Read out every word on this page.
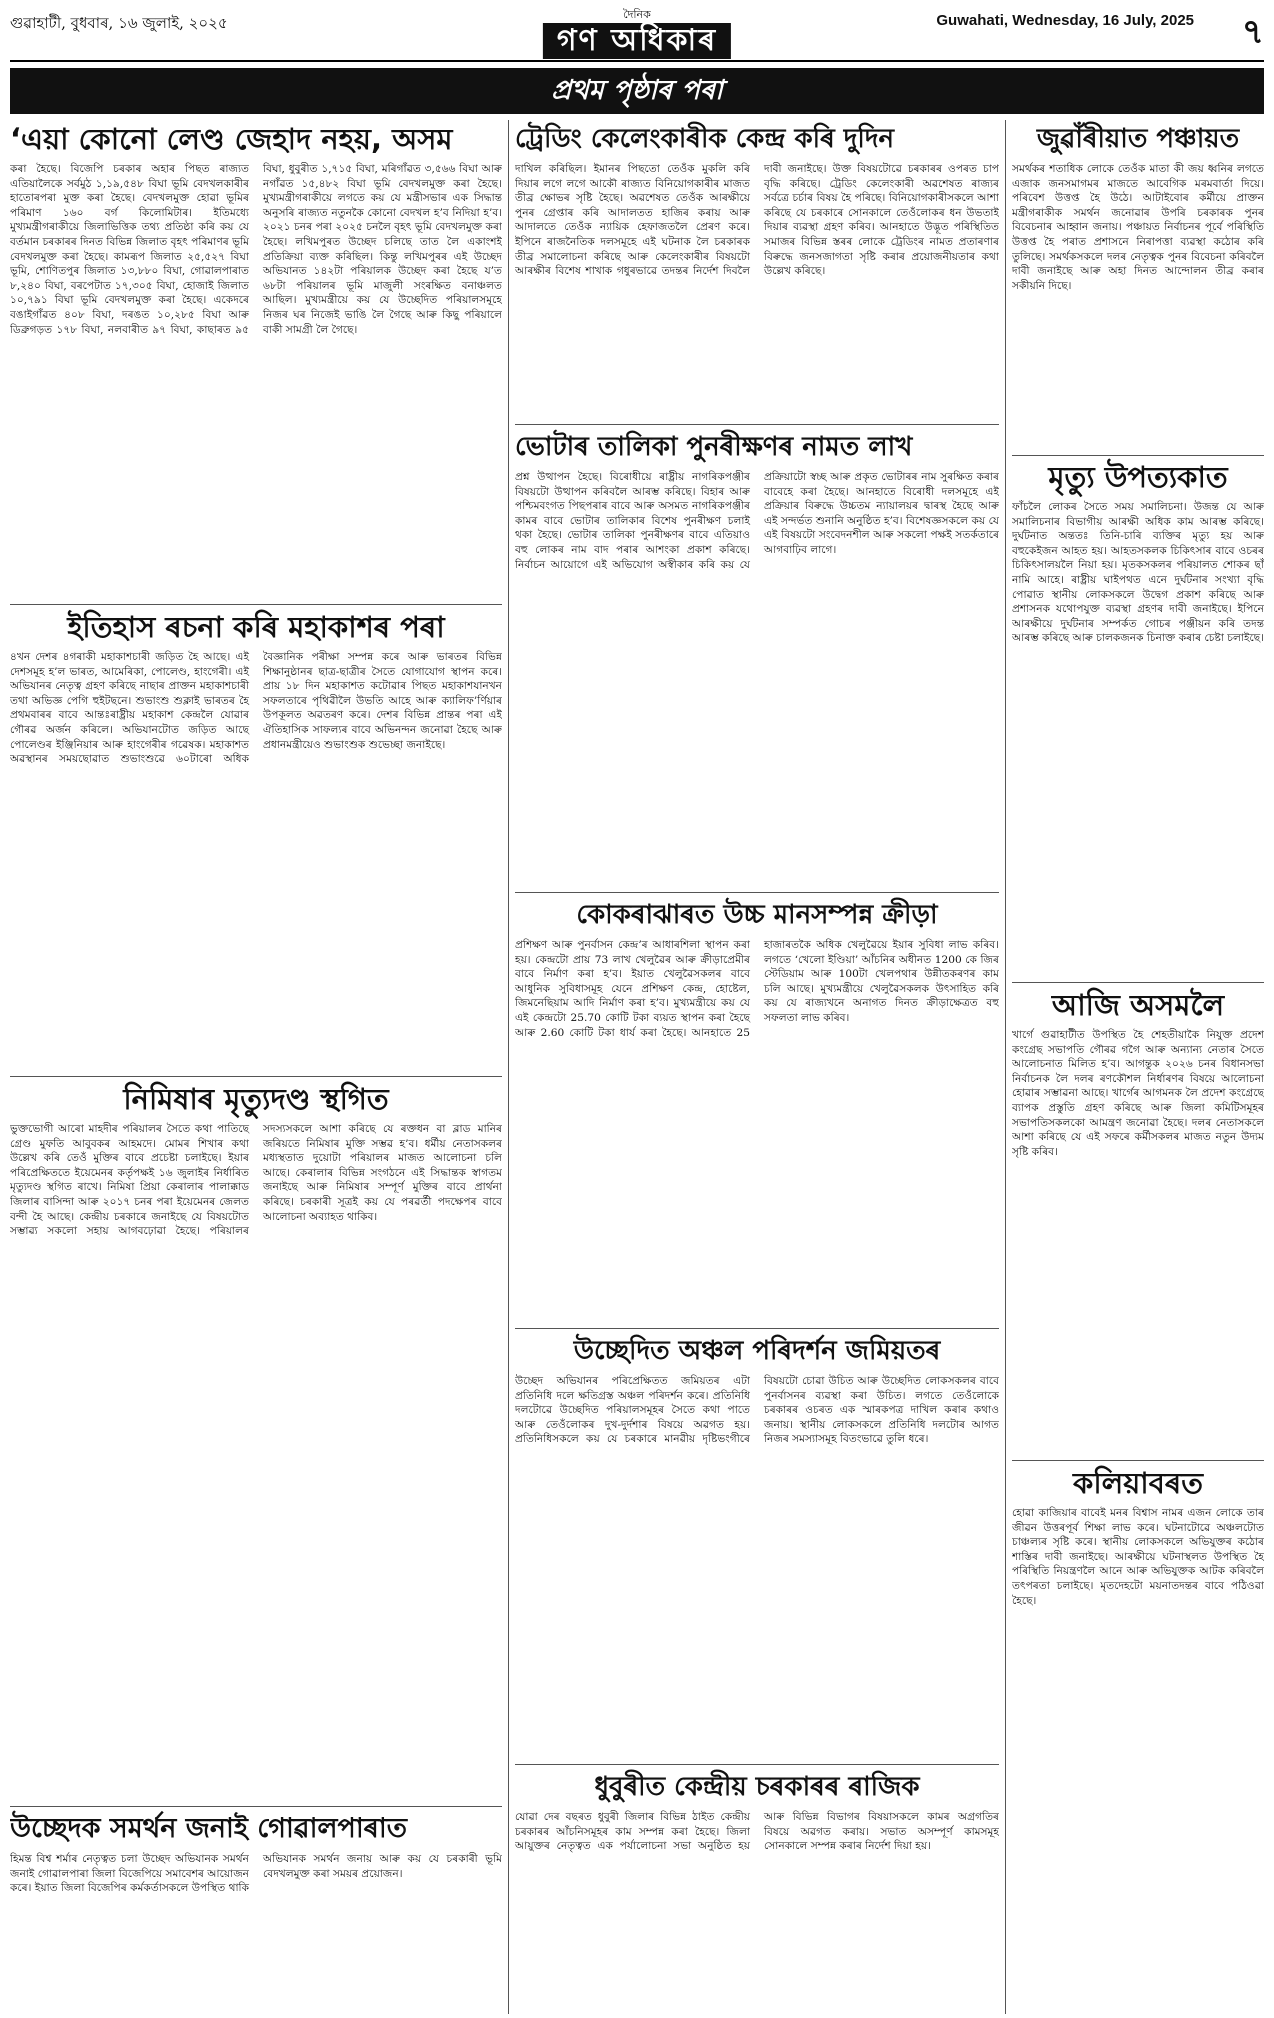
গুৱাহাটী, বুধবাৰ, ১৬ জুলাই, ২০২৫	দৈনিক
গণ অধিকাৰ
Guwahati, Wednesday, 16 July, 2025 ৭
প্ৰথম পৃষ্ঠাৰ পৰা
‘এয়া কোনো লেণ্ড জেহাদ নহয়, অসম
কৰা হৈছে। বিজেপি চৰকাৰ অহাৰ পিছত ৰাজ্যত এতিয়ালৈকে সৰ্বমুঠ ১,১৯,৫৪৮ বিঘা ভূমি বেদখলকাৰীৰ হাতোৰপৰা মুক্ত কৰা হৈছে। বেদখলমুক্ত হোৱা ভূমিৰ পৰিমাণ ১৬০ বৰ্গ কিলোমিটাৰ। ইতিমধ্যে মুখ্যমন্ত্ৰীগৰাকীয়ে জিলাভিত্তিক তথ্য প্ৰতিষ্ঠা কৰি কয় যে বৰ্তমান চৰকাৰৰ দিনত বিভিন্ন জিলাত বৃহৎ পৰিমাণৰ ভূমি বেদখলমুক্ত কৰা হৈছে। কামৰূপ জিলাত ২৫,৫২৭ বিঘা ভূমি, শোণিতপুৰ জিলাত ১৩,৮৮০ বিঘা, গোৱালপাৰাত ৮,২৪০ বিঘা, বৰপেটাত ১৭,৩০৫ বিঘা, হোজাই জিলাত ১০,৭৯১ বিঘা ভূমি বেদখলমুক্ত কৰা হৈছে। একেদৰে বঙাইগাঁৱত ৪০৮ বিঘা, দৰঙত ১০,২৮৫ বিঘা আৰু ডিব্ৰুগড়ত ১৭৮ বিঘা, নলবাৰীত ৯৭ বিঘা, কাছাৰত ৯৫ বিঘা, ধুবুৰীত ১,৭১৫ বিঘা, মৰিগাঁৱত ৩,৫৬৬ বিঘা আৰু নগাঁৱত ১৫,৪৮২ বিঘা ভূমি বেদখলমুক্ত কৰা হৈছে। মুখ্যমন্ত্ৰীগৰাকীয়ে লগতে কয় যে মন্ত্ৰীসভাৰ এক সিদ্ধান্ত অনুসৰি ৰাজ্যত নতুনকৈ কোনো বেদখল হ’ব নিদিয়া হ’ব। ২০২১ চনৰ পৰা ২০২৫ চনলৈ বৃহৎ ভূমি বেদখলমুক্ত কৰা হৈছে। লখিমপুৰত উচ্ছেদ চলিছে তাত লৈ একাংশই প্ৰতিক্ৰিয়া ব্যক্ত কৰিছিল। কিন্তু লখিমপুৰৰ এই উচ্ছেদ অভিযানত ১৪২টা পৰিয়ালক উচ্ছেদ কৰা হৈছে য’ত ৬৮টা পৰিয়ালৰ ভূমি মাজুলী সংৰক্ষিত বনাঞ্চলত আছিল। মুখ্যমন্ত্ৰীয়ে কয় যে উচ্ছেদিত পৰিয়ালসমূহে নিজৰ ঘৰ নিজেই ভাঙি লৈ গৈছে আৰু কিছু পৰিয়ালে বাকী সামগ্ৰী লৈ গৈছে।
ট্ৰেডিং কেলেংকাৰীক কেন্দ্ৰ কৰি দুদিন
দাখিল কৰিছিল। ইমানৰ পিছতো তেওঁক মুকলি কৰি দিয়াৰ লগে লগে আকৌ ৰাজ্যত বিনিয়োগকাৰীৰ মাজত তীব্ৰ ক্ষোভৰ সৃষ্টি হৈছে। অৱশেষত তেওঁক আৰক্ষীয়ে পুনৰ গ্ৰেপ্তাৰ কৰি আদালতত হাজিৰ কৰায় আৰু আদালতে তেওঁক ন্যায়িক হেফাজতলৈ প্ৰেৰণ কৰে। ইপিনে ৰাজনৈতিক দলসমূহে এই ঘটনাক লৈ চৰকাৰক তীব্ৰ সমালোচনা কৰিছে আৰু কেলেংকাৰীৰ বিষয়টো আৰক্ষীৰ বিশেষ শাখাক গধুৰভাৱে তদন্তৰ নিৰ্দেশ দিবলৈ দাবী জনাইছে। উক্ত বিষয়টোৱে চৰকাৰৰ ওপৰত চাপ বৃদ্ধি কৰিছে। ট্ৰেডিং কেলেংকাৰী অৱশেষত ৰাজ্যৰ সৰ্বত্ৰে চৰ্চাৰ বিষয় হৈ পৰিছে। বিনিয়োগকাৰীসকলে আশা কৰিছে যে চৰকাৰে সোনকালে তেওঁলোকৰ ধন উভতাই দিয়াৰ ব্যৱস্থা গ্ৰহণ কৰিব। আনহাতে উদ্ভূত পৰিস্থিতিত সমাজৰ বিভিন্ন স্তৰৰ লোকে ট্ৰেডিংৰ নামত প্ৰতাৰণাৰ বিৰুদ্ধে জনসজাগতা সৃষ্টি কৰাৰ প্ৰয়োজনীয়তাৰ কথা উল্লেখ কৰিছে।
জুৱাঁৰীয়াত পঞ্চায়ত
সমৰ্থকৰ শতাধিক লোকে তেওঁক মাতা কী জয় ধ্বনিৰ লগতে এজাক জনসমাগমৰ মাজতে আবেগিক মৰমবাৰ্তা দিয়ে। পৰিবেশ উত্তপ্ত হৈ উঠে। আটাইবোৰ কৰ্মীয়ে প্ৰাক্তন মন্ত্ৰীগৰাকীক সমৰ্থন জনোৱাৰ উপৰি চৰকাৰক পুনৰ বিবেচনাৰ আহ্বান জনায়। পঞ্চায়ত নিৰ্বাচনৰ পূৰ্বে পৰিস্থিতি উত্তপ্ত হৈ পৰাত প্ৰশাসনে নিৰাপত্তা ব্যৱস্থা কঠোৰ কৰি তুলিছে। সমৰ্থকসকলে দলৰ নেতৃত্বক পুনৰ বিবেচনা কৰিবলৈ দাবী জনাইছে আৰু অহা দিনত আন্দোলন তীব্ৰ কৰাৰ সকীয়নি দিছে।
ভোটাৰ তালিকা পুনৰীক্ষণৰ নামত লাখ
প্ৰশ্ন উত্থাপন হৈছে। বিৰোধীয়ে ৰাষ্ট্ৰীয় নাগৰিকপঞ্জীৰ বিষয়টো উত্থাপন কৰিবলৈ আৰম্ভ কৰিছে। বিহাৰ আৰু পশ্চিমবংগত পিছপৰাৰ বাবে আৰু অসমত নাগৰিকপঞ্জীৰ কামৰ বাবে ভোটাৰ তালিকাৰ বিশেষ পুনৰীক্ষণ চলাই থকা হৈছে। ভোটাৰ তালিকা পুনৰীক্ষণৰ বাবে এতিয়াও বহু লোকৰ নাম বাদ পৰাৰ আশংকা প্ৰকাশ কৰিছে। নিৰ্বাচন আয়োগে এই অভিযোগ অস্বীকাৰ কৰি কয় যে প্ৰক্ৰিয়াটো স্বচ্ছ আৰু প্ৰকৃত ভোটাৰৰ নাম সুৰক্ষিত কৰাৰ বাবেহে কৰা হৈছে। আনহাতে বিৰোধী দলসমূহে এই প্ৰক্ৰিয়াৰ বিৰুদ্ধে উচ্চতম ন্যায়ালয়ৰ দ্বাৰস্থ হৈছে আৰু এই সন্দৰ্ভত শুনানি অনুষ্ঠিত হ’ব। বিশেষজ্ঞসকলে কয় যে এই বিষয়টো সংবেদনশীল আৰু সকলো পক্ষই সতৰ্কতাৰে আগবাঢ়িব লাগে।
মৃত্যু উপত্যকাত
ফাঁচলৈ লোকৰ সৈতে সময় সমালিচনা। উজন্ত যে আৰু সমালিচনাৰ বিভাগীয় আৰক্ষী অধিক কাম আৰম্ভ কৰিছে। দুৰ্ঘটনাত অন্ততঃ তিনি-চাৰি ব্যক্তিৰ মৃত্যু হয় আৰু বহুকেইজন আহত হয়। আহতসকলক চিকিৎসাৰ বাবে ওচৰৰ চিকিৎসালয়লৈ নিয়া হয়। মৃতকসকলৰ পৰিয়ালত শোকৰ ছাঁ নামি আহে। ৰাষ্ট্ৰীয় ঘাইপথত এনে দুৰ্ঘটনাৰ সংখ্যা বৃদ্ধি পোৱাত স্থানীয় লোকসকলে উদ্বেগ প্ৰকাশ কৰিছে আৰু প্ৰশাসনক যথোপযুক্ত ব্যৱস্থা গ্ৰহণৰ দাবী জনাইছে। ইপিনে আৰক্ষীয়ে দুৰ্ঘটনাৰ সম্পৰ্কত গোচৰ পঞ্জীয়ন কৰি তদন্ত আৰম্ভ কৰিছে আৰু চালকজনক চিনাক্ত কৰাৰ চেষ্টা চলাইছে।
ইতিহাস ৰচনা কৰি মহাকাশৰ পৰা
৪খন দেশৰ ৪গৰাকী মহাকাশচাৰী জড়িত হৈ আছে। এই দেশসমূহ হ’ল ভাৰত, আমেৰিকা, পোলেণ্ড, হাংগেৰী। এই অভিযানৰ নেতৃত্ব গ্ৰহণ কৰিছে নাছাৰ প্ৰাক্তন মহাকাশচাৰী তথা অভিজ্ঞ পেগি হুইটছনে। শুভাংশু শুক্লাই ভাৰতৰ হৈ প্ৰথমবাৰৰ বাবে আন্তঃৰাষ্ট্ৰীয় মহাকাশ কেন্দ্ৰলৈ যোৱাৰ গৌৰৱ অৰ্জন কৰিলে। অভিযানটোত জড়িত আছে পোলেণ্ডৰ ইঞ্জিনিয়াৰ আৰু হাংগেৰীৰ গৱেষক। মহাকাশত অৱস্থানৰ সময়ছোৱাত শুভাংশুৱে ৬০টাৰো অধিক বৈজ্ঞানিক পৰীক্ষা সম্পন্ন কৰে আৰু ভাৰতৰ বিভিন্ন শিক্ষানুষ্ঠানৰ ছাত্ৰ-ছাত্ৰীৰ সৈতে যোগাযোগ স্থাপন কৰে। প্ৰায় ১৮ দিন মহাকাশত কটোৱাৰ পিছত মহাকাশযানখন সফলতাৰে পৃথিৱীলৈ উভতি আহে আৰু ক্যালিফ’ৰ্ণিয়াৰ উপকূলত অৱতৰণ কৰে। দেশৰ বিভিন্ন প্ৰান্তৰ পৰা এই ঐতিহাসিক সাফল্যৰ বাবে অভিনন্দন জনোৱা হৈছে আৰু প্ৰধানমন্ত্ৰীয়েও শুভাংশুক শুভেচ্ছা জনাইছে।
কোকৰাঝাৰত উচ্চ মানসম্পন্ন ক্ৰীড়া
প্ৰশিক্ষণ আৰু পুনৰ্বাসন কেন্দ্ৰ’ৰ আধাৰশিলা স্থাপন কৰা হয়। কেন্দ্ৰটো প্ৰায় 73 লাখ খেলুৱৈৰ আৰু ক্ৰীড়াপ্ৰেমীৰ বাবে নিৰ্মাণ কৰা হ’ব। ইয়াত খেলুৱৈসকলৰ বাবে আধুনিক সুবিধাসমূহ যেনে প্ৰশিক্ষণ কেন্দ্ৰ, হোষ্টেল, জিমনেছিয়াম আদি নিৰ্মাণ কৰা হ’ব। মুখ্যমন্ত্ৰীয়ে কয় যে এই কেন্দ্ৰটো 25.70 কোটি টকা ব্যয়ত স্থাপন কৰা হৈছে আৰু 2.60 কোটি টকা ধাৰ্য কৰা হৈছে। আনহাতে 25 হাজাৰতকৈ অধিক খেলুৱৈয়ে ইয়াৰ সুবিধা লাভ কৰিব। লগতে ‘খেলো ইণ্ডিয়া’ আঁচনিৰ অধীনত 1200 কে জিৰ স্টেডিয়াম আৰু 100টা খেলপথাৰ উন্নীতকৰণৰ কাম চলি আছে। মুখ্যমন্ত্ৰীয়ে খেলুৱৈসকলক উৎসাহিত কৰি কয় যে ৰাজ্যখনে অনাগত দিনত ক্ৰীড়াক্ষেত্ৰত বহু সফলতা লাভ কৰিব।	আজি অসমলৈ
খাৰ্গে গুৱাহাটীত উপস্থিত হৈ শেহতীয়াকৈ নিযুক্ত প্ৰদেশ কংগ্ৰেছ সভাপতি গৌৰৱ গগৈ আৰু অন্যান্য নেতাৰ সৈতে আলোচনাত মিলিত হ’ব। আগন্তুক ২০২৬ চনৰ বিধানসভা নিৰ্বাচনক লৈ দলৰ ৰণকৌশল নিৰ্ধাৰণৰ বিষয়ে আলোচনা হোৱাৰ সম্ভাৱনা আছে। খাৰ্গেৰ আগমনক লৈ প্ৰদেশ কংগ্ৰেছে ব্যাপক প্ৰস্তুতি গ্ৰহণ কৰিছে আৰু জিলা কমিটিসমূহৰ সভাপতিসকলকো আমন্ত্ৰণ জনোৱা হৈছে। দলৰ নেতাসকলে আশা কৰিছে যে এই সফৰে কৰ্মীসকলৰ মাজত নতুন উদ্যম সৃষ্টি কৰিব।
নিমিষাৰ মৃত্যুদণ্ড স্থগিত
ভুক্তভোগী আৰো মাহদীৰ পৰিয়ালৰ সৈতে কথা পাতিছে গ্ৰেণ্ড মুফতি আবুবকৰ আহমদে। মোমৰ শিখাৰ কথা উল্লেখ কৰি তেওঁ মুক্তিৰ বাবে প্ৰচেষ্টা চলাইছে। ইয়াৰ পৰিপ্ৰেক্ষিততে ইয়েমেনৰ কৰ্তৃপক্ষই ১৬ জুলাইৰ নিৰ্ধাৰিত মৃত্যুদণ্ড স্থগিত ৰাখে। নিমিষা প্ৰিয়া কেৰালাৰ পালাক্কাড জিলাৰ বাসিন্দা আৰু ২০১৭ চনৰ পৰা ইয়েমেনৰ জেলত বন্দী হৈ আছে। কেন্দ্ৰীয় চৰকাৰে জনাইছে যে বিষয়টোত সম্ভাৱ্য সকলো সহায় আগবঢ়োৱা হৈছে। পৰিয়ালৰ সদস্যসকলে আশা কৰিছে যে ৰক্তধন বা ব্লাড মানিৰ জৰিয়তে নিমিষাৰ মুক্তি সম্ভৱ হ’ব। ধৰ্মীয় নেতাসকলৰ মধ্যস্থতাত দুয়োটা পৰিয়ালৰ মাজত আলোচনা চলি আছে। কেৰালাৰ বিভিন্ন সংগঠনে এই সিদ্ধান্তক স্বাগতম জনাইছে আৰু নিমিষাৰ সম্পূৰ্ণ মুক্তিৰ বাবে প্ৰাৰ্থনা কৰিছে। চৰকাৰী সূত্ৰই কয় যে পৰৱৰ্তী পদক্ষেপৰ বাবে আলোচনা অব্যাহত থাকিব।
উচ্ছেদিত অঞ্চল পৰিদৰ্শন জমিয়তৰ
উচ্ছেদ অভিযানৰ পৰিপ্ৰেক্ষিতত জমিয়তৰ এটা প্ৰতিনিধি দলে ক্ষতিগ্ৰস্ত অঞ্চল পৰিদৰ্শন কৰে। প্ৰতিনিধি দলটোৱে উচ্ছেদিত পৰিয়ালসমূহৰ সৈতে কথা পাতে আৰু তেওঁলোকৰ দুখ-দুৰ্দশাৰ বিষয়ে অৱগত হয়। প্ৰতিনিধিসকলে কয় যে চৰকাৰে মানৱীয় দৃষ্টিভংগীৰে বিষয়টো চোৱা উচিত আৰু উচ্ছেদিত লোকসকলৰ বাবে পুনৰ্বাসনৰ ব্যৱস্থা কৰা উচিত। লগতে তেওঁলোকে চৰকাৰৰ ওচৰত এক স্মাৰকপত্ৰ দাখিল কৰাৰ কথাও জনায়। স্থানীয় লোকসকলে প্ৰতিনিধি দলটোৰ আগত নিজৰ সমস্যাসমূহ বিতংভাৱে তুলি ধৰে।
কলিয়াবৰত
হোৱা কাজিয়াৰ বাবেই মনৰ বিশ্বাস নামৰ এজন লোকে তাৰ জীৱন উত্তৰপূৰ্ব শিক্ষা লাভ কৰে। ঘটনাটোৱে অঞ্চলটোত চাঞ্চল্যৰ সৃষ্টি কৰে। স্থানীয় লোকসকলে অভিযুক্তৰ কঠোৰ শাস্তিৰ দাবী জনাইছে। আৰক্ষীয়ে ঘটনাস্থলত উপস্থিত হৈ পৰিস্থিতি নিয়ন্ত্ৰণলৈ আনে আৰু অভিযুক্তক আটক কৰিবলৈ তৎপৰতা চলাইছে। মৃতদেহটো ময়নাতদন্তৰ বাবে পঠিওৱা হৈছে।
উচ্ছেদক সমৰ্থন জনাই গোৱালপাৰাত
হিমন্ত বিশ্ব শৰ্মাৰ নেতৃত্বত চলা উচ্ছেদ অভিযানক সমৰ্থন জনাই গোৱালপাৰা জিলা বিজেপিয়ে সমাবেশৰ আয়োজন কৰে। ইয়াত জিলা বিজেপিৰ কৰ্মকৰ্তাসকলে উপস্থিত থাকি অভিযানক সমৰ্থন জনায় আৰু কয় যে চৰকাৰী ভূমি বেদখলমুক্ত কৰা সময়ৰ প্ৰয়োজন।
ধুবুৰীত কেন্দ্ৰীয় চৰকাৰৰ ৰাজিক
যোৱা দেৰ বছৰত ধুবুৰী জিলাৰ বিভিন্ন ঠাইত কেন্দ্ৰীয় চৰকাৰৰ আঁচনিসমূহৰ কাম সম্পন্ন কৰা হৈছে। জিলা আয়ুক্তৰ নেতৃত্বত এক পৰ্যালোচনা সভা অনুষ্ঠিত হয় আৰু বিভিন্ন বিভাগৰ বিষয়াসকলে কামৰ অগ্ৰগতিৰ বিষয়ে অৱগত কৰায়। সভাত অসম্পূৰ্ণ কামসমূহ সোনকালে সম্পন্ন কৰাৰ নিৰ্দেশ দিয়া হয়।
